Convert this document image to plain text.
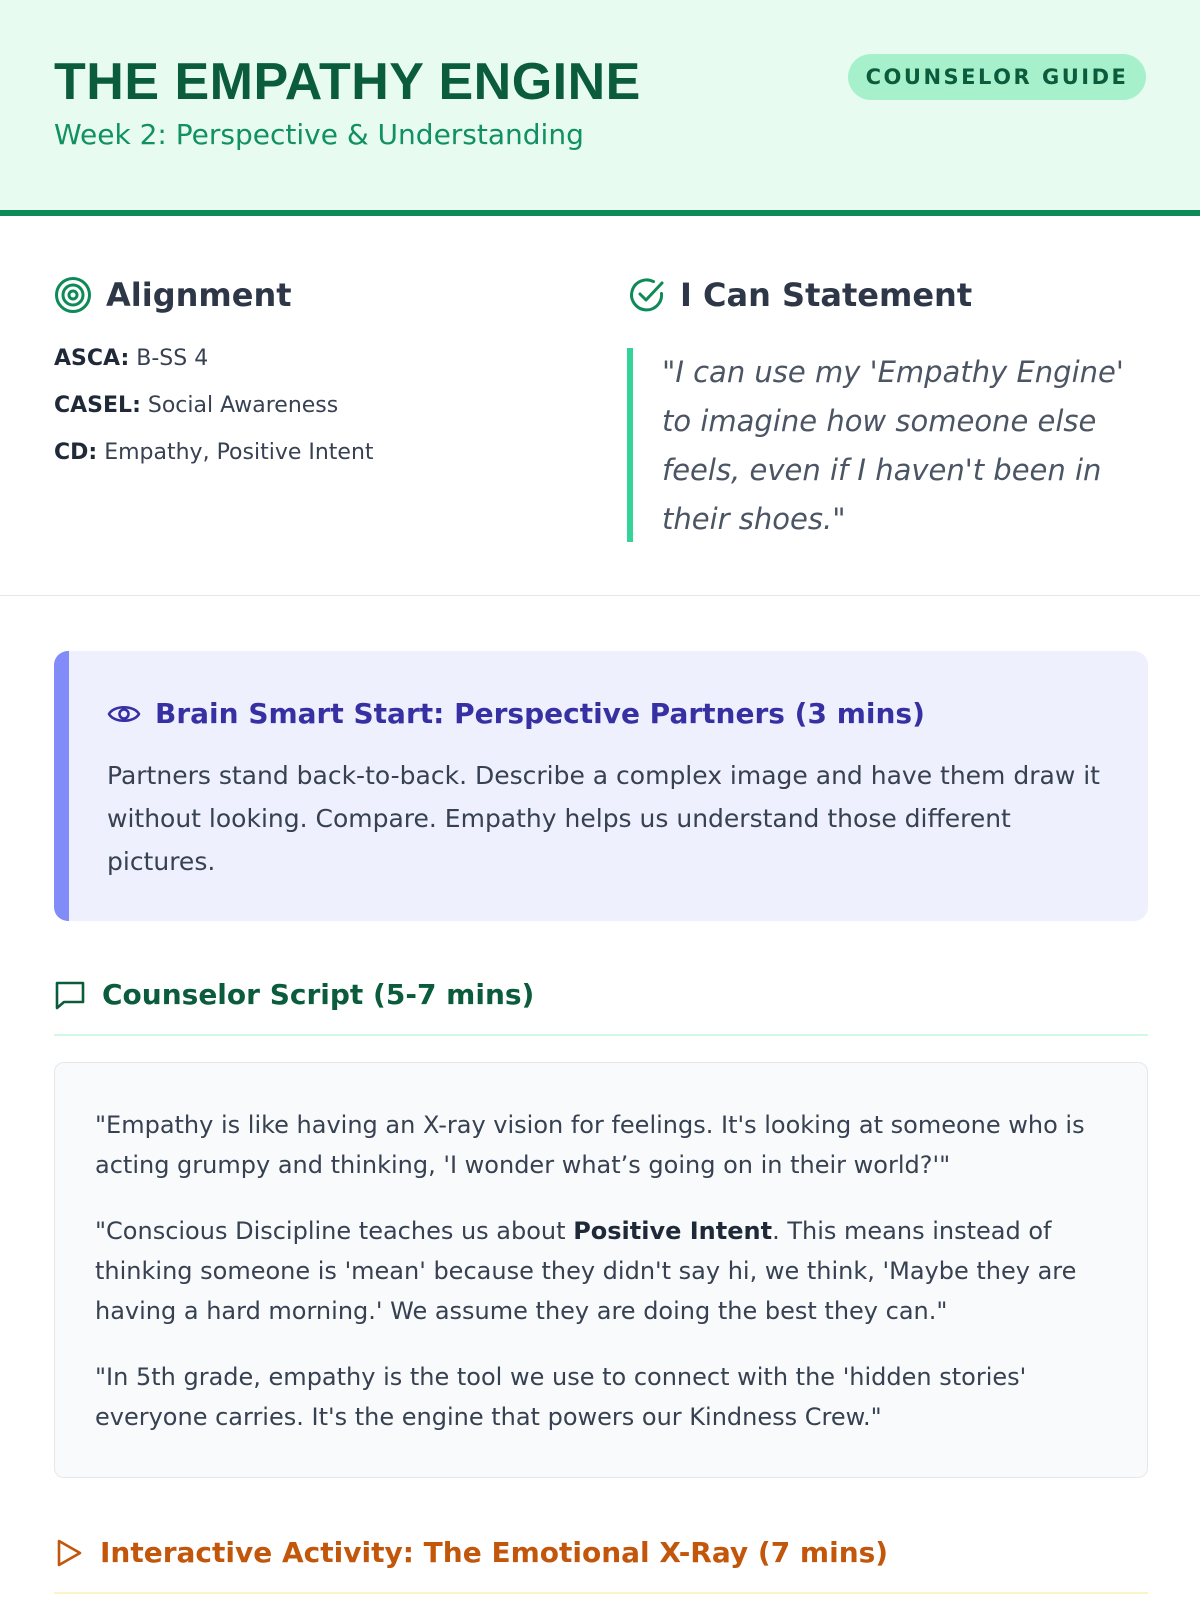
THE EMPATHY ENGINE
Week 2: Perspective & Understanding
COUNSELOR GUIDE
Alignment
ASCA: B-SS 4
CASEL: Social Awareness
CD: Empathy, Positive Intent
I Can Statement
"I can use my 'Empathy Engine' to imagine how someone else feels, even if I haven't been in their shoes."
Brain Smart Start: Perspective Partners (3 mins)
Partners stand back-to-back. Describe a complex image and have them draw it without looking. Compare. Empathy helps us understand those different pictures.
Counselor Script (5-7 mins)

"Empathy is like having an X-ray vision for feelings. It's looking at someone who is acting grumpy and thinking, 'I wonder what’s going on in their world?'"

"Conscious Discipline teaches us about Positive Intent. This means instead of thinking someone is 'mean' because they didn't say hi, we think, 'Maybe they are having a hard morning.' We assume they are doing the best they can."

"In 5th grade, empathy is the tool we use to connect with the 'hidden stories' everyone carries. It's the engine that powers our Kindness Crew."

Interactive Activity: The Emotional X-Ray (7 mins)
